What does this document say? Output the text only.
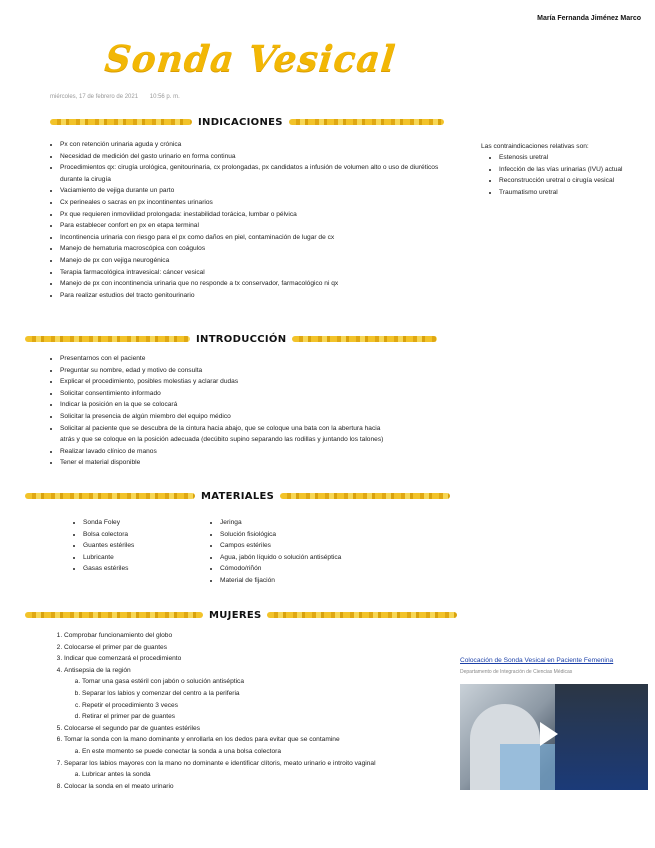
María Fernanda Jiménez Marco
Sonda Vesical
miércoles, 17 de febrero de 2021 10:56 p. m.
INDICACIONES
• Px con retención urinaria aguda y crónica
• Necesidad de medición del gasto urinario en forma continua
• Procedimientos qx: cirugía urológica, genitourinaria, cx prolongadas, px candidatos a infusión de volumen alto o uso de diuréticos durante la cirugía
• Vaciamiento de vejiga durante un parto
• Cx perineales o sacras en px incontinentes urinarios
• Px que requieren inmovilidad prolongada: inestabilidad torácica, lumbar o pélvica
• Para establecer confort en px en etapa terminal
• Incontinencia urinaria con riesgo para el px como daños en piel, contaminación de lugar de cx
• Manejo de hematuria macroscópica con coágulos
• Manejo de px con vejiga neurogénica
• Terapia farmacológica intravesical: cáncer vesical
• Manejo de px con incontinencia urinaria que no responde a tx conservador, farmacológico ni qx
• Para realizar estudios del tracto genitourinario
Las contraindicaciones relativas son:
• Estenosis uretral
• Infección de las vías urinarias (IVU) actual
• Reconstrucción uretral o cirugía vesical
• Traumatismo uretral
INTRODUCCIÓN
• Presentarnos con el paciente
• Preguntar su nombre, edad y motivo de consulta
• Explicar el procedimiento, posibles molestias y aclarar dudas
• Solicitar consentimiento informado
• Indicar la posición en la que se colocará
• Solicitar la presencia de algún miembro del equipo médico
• Solicitar al paciente que se descubra de la cintura hacia abajo, que se coloque una bata con la abertura hacia atrás y que se coloque en la posición adecuada (decúbito supino separando las rodillas y juntando los talones)
• Realizar lavado clínico de manos
• Tener el material disponible
MATERIALES
• Sonda Foley
• Bolsa colectora
• Guantes estériles
• Lubricante
• Gasas estériles
• Jeringa
• Solución fisiológica
• Campos estériles
• Agua, jabón líquido o solución antiséptica
• Cómodo/riñón
• Material de fijación
MUJERES
1. Comprobar funcionamiento del globo
2. Colocarse el primer par de guantes
3. Indicar que comenzará el procedimiento
4. Antisepsia de la región
a. Tomar una gasa estéril con jabón o solución antiséptica
b. Separar los labios y comenzar del centro a la periferia
c. Repetir el procedimiento 3 veces
d. Retirar el primer par de guantes
5. Colocarse el segundo par de guantes estériles
6. Tomar la sonda con la mano dominante y enrollarla en los dedos para evitar que se contamine
a. En este momento se puede conectar la sonda a una bolsa colectora
7. Separar los labios mayores con la mano no dominante e identificar clítoris, meato urinario e introito vaginal
a. Lubricar antes la sonda
8. Colocar la sonda en el meato urinario
Colocación de Sonda Vesical en Paciente Femenina
Departamento de Integración de Ciencias Médicas
